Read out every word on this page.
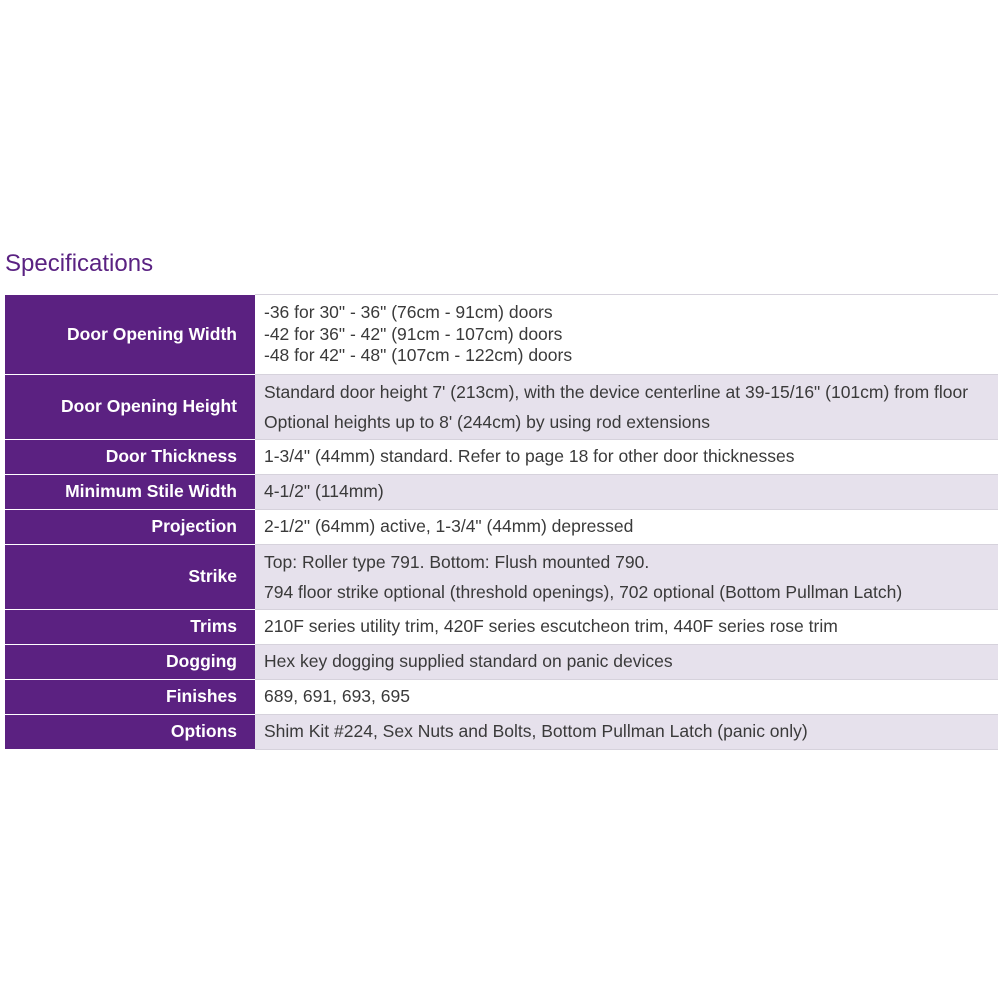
Specifications
Door Opening Width	-36 for 30" - 36" (76cm - 91cm) doors
-42 for 36" - 42" (91cm - 107cm) doors
-48 for 42" - 48" (107cm - 122cm) doors

Door Opening Height	Standard door height 7' (213cm), with the device centerline at 39-15/16" (101cm) from floor
Optional heights up to 8' (244cm) by using rod extensions

Door Thickness	1-3/4" (44mm) standard. Refer to page 18 for other door thicknesses
Minimum Stile Width	4-1/2" (114mm)
Projection	2-1/2" (64mm) active, 1-3/4" (44mm) depressed
Strike	Top: Roller type 791. Bottom: Flush mounted 790.
794 floor strike optional (threshold openings), 702 optional (Bottom Pullman Latch)

Trims	210F series utility trim, 420F series escutcheon trim, 440F series rose trim
Dogging	Hex key dogging supplied standard on panic devices
Finishes	689, 691, 693, 695
Options	Shim Kit #224, Sex Nuts and Bolts, Bottom Pullman Latch (panic only)
